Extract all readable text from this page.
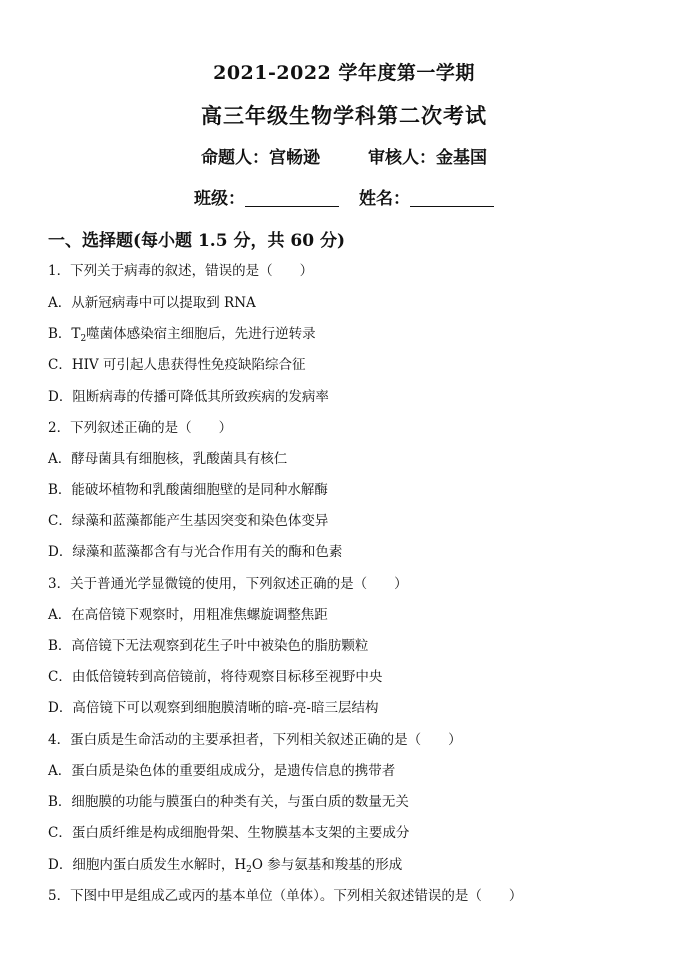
2021-2022 学年度第一学期
高三年级生物学科第二次考试
命题人：宫畅逊	审核人：金基国
班级：	姓名：
一、选择题(每小题 1.5 分，共 60 分)
1．下列关于病毒的叙述，错误的是（　　）
A．从新冠病毒中可以提取到 RNA
B．$T_2$噬菌体感染宿主细胞后，先进行逆转录
C．HIV 可引起人患获得性免疫缺陷综合征
D．阻断病毒的传播可降低其所致疾病的发病率
2．下列叙述正确的是（　　）
A．酵母菌具有细胞核，乳酸菌具有核仁
B．能破坏植物和乳酸菌细胞壁的是同种水解酶
C．绿藻和蓝藻都能产生基因突变和染色体变异
D．绿藻和蓝藻都含有与光合作用有关的酶和色素
3．关于普通光学显微镜的使用，下列叙述正确的是（　　）
A．在高倍镜下观察时，用粗准焦螺旋调整焦距
B．高倍镜下无法观察到花生子叶中被染色的脂肪颗粒
C．由低倍镜转到高倍镜前，将待观察目标移至视野中央
D．高倍镜下可以观察到细胞膜清晰的暗-亮-暗三层结构
4．蛋白质是生命活动的主要承担者，下列相关叙述正确的是（　　）
A．蛋白质是染色体的重要组成成分，是遗传信息的携带者
B．细胞膜的功能与膜蛋白的种类有关，与蛋白质的数量无关
C．蛋白质纤维是构成细胞骨架、生物膜基本支架的主要成分
D．细胞内蛋白质发生水解时，$H_2O$ 参与氨基和羧基的形成
5．下图中甲是组成乙或丙的基本单位（单体）。下列相关叙述错误的是（　　）
